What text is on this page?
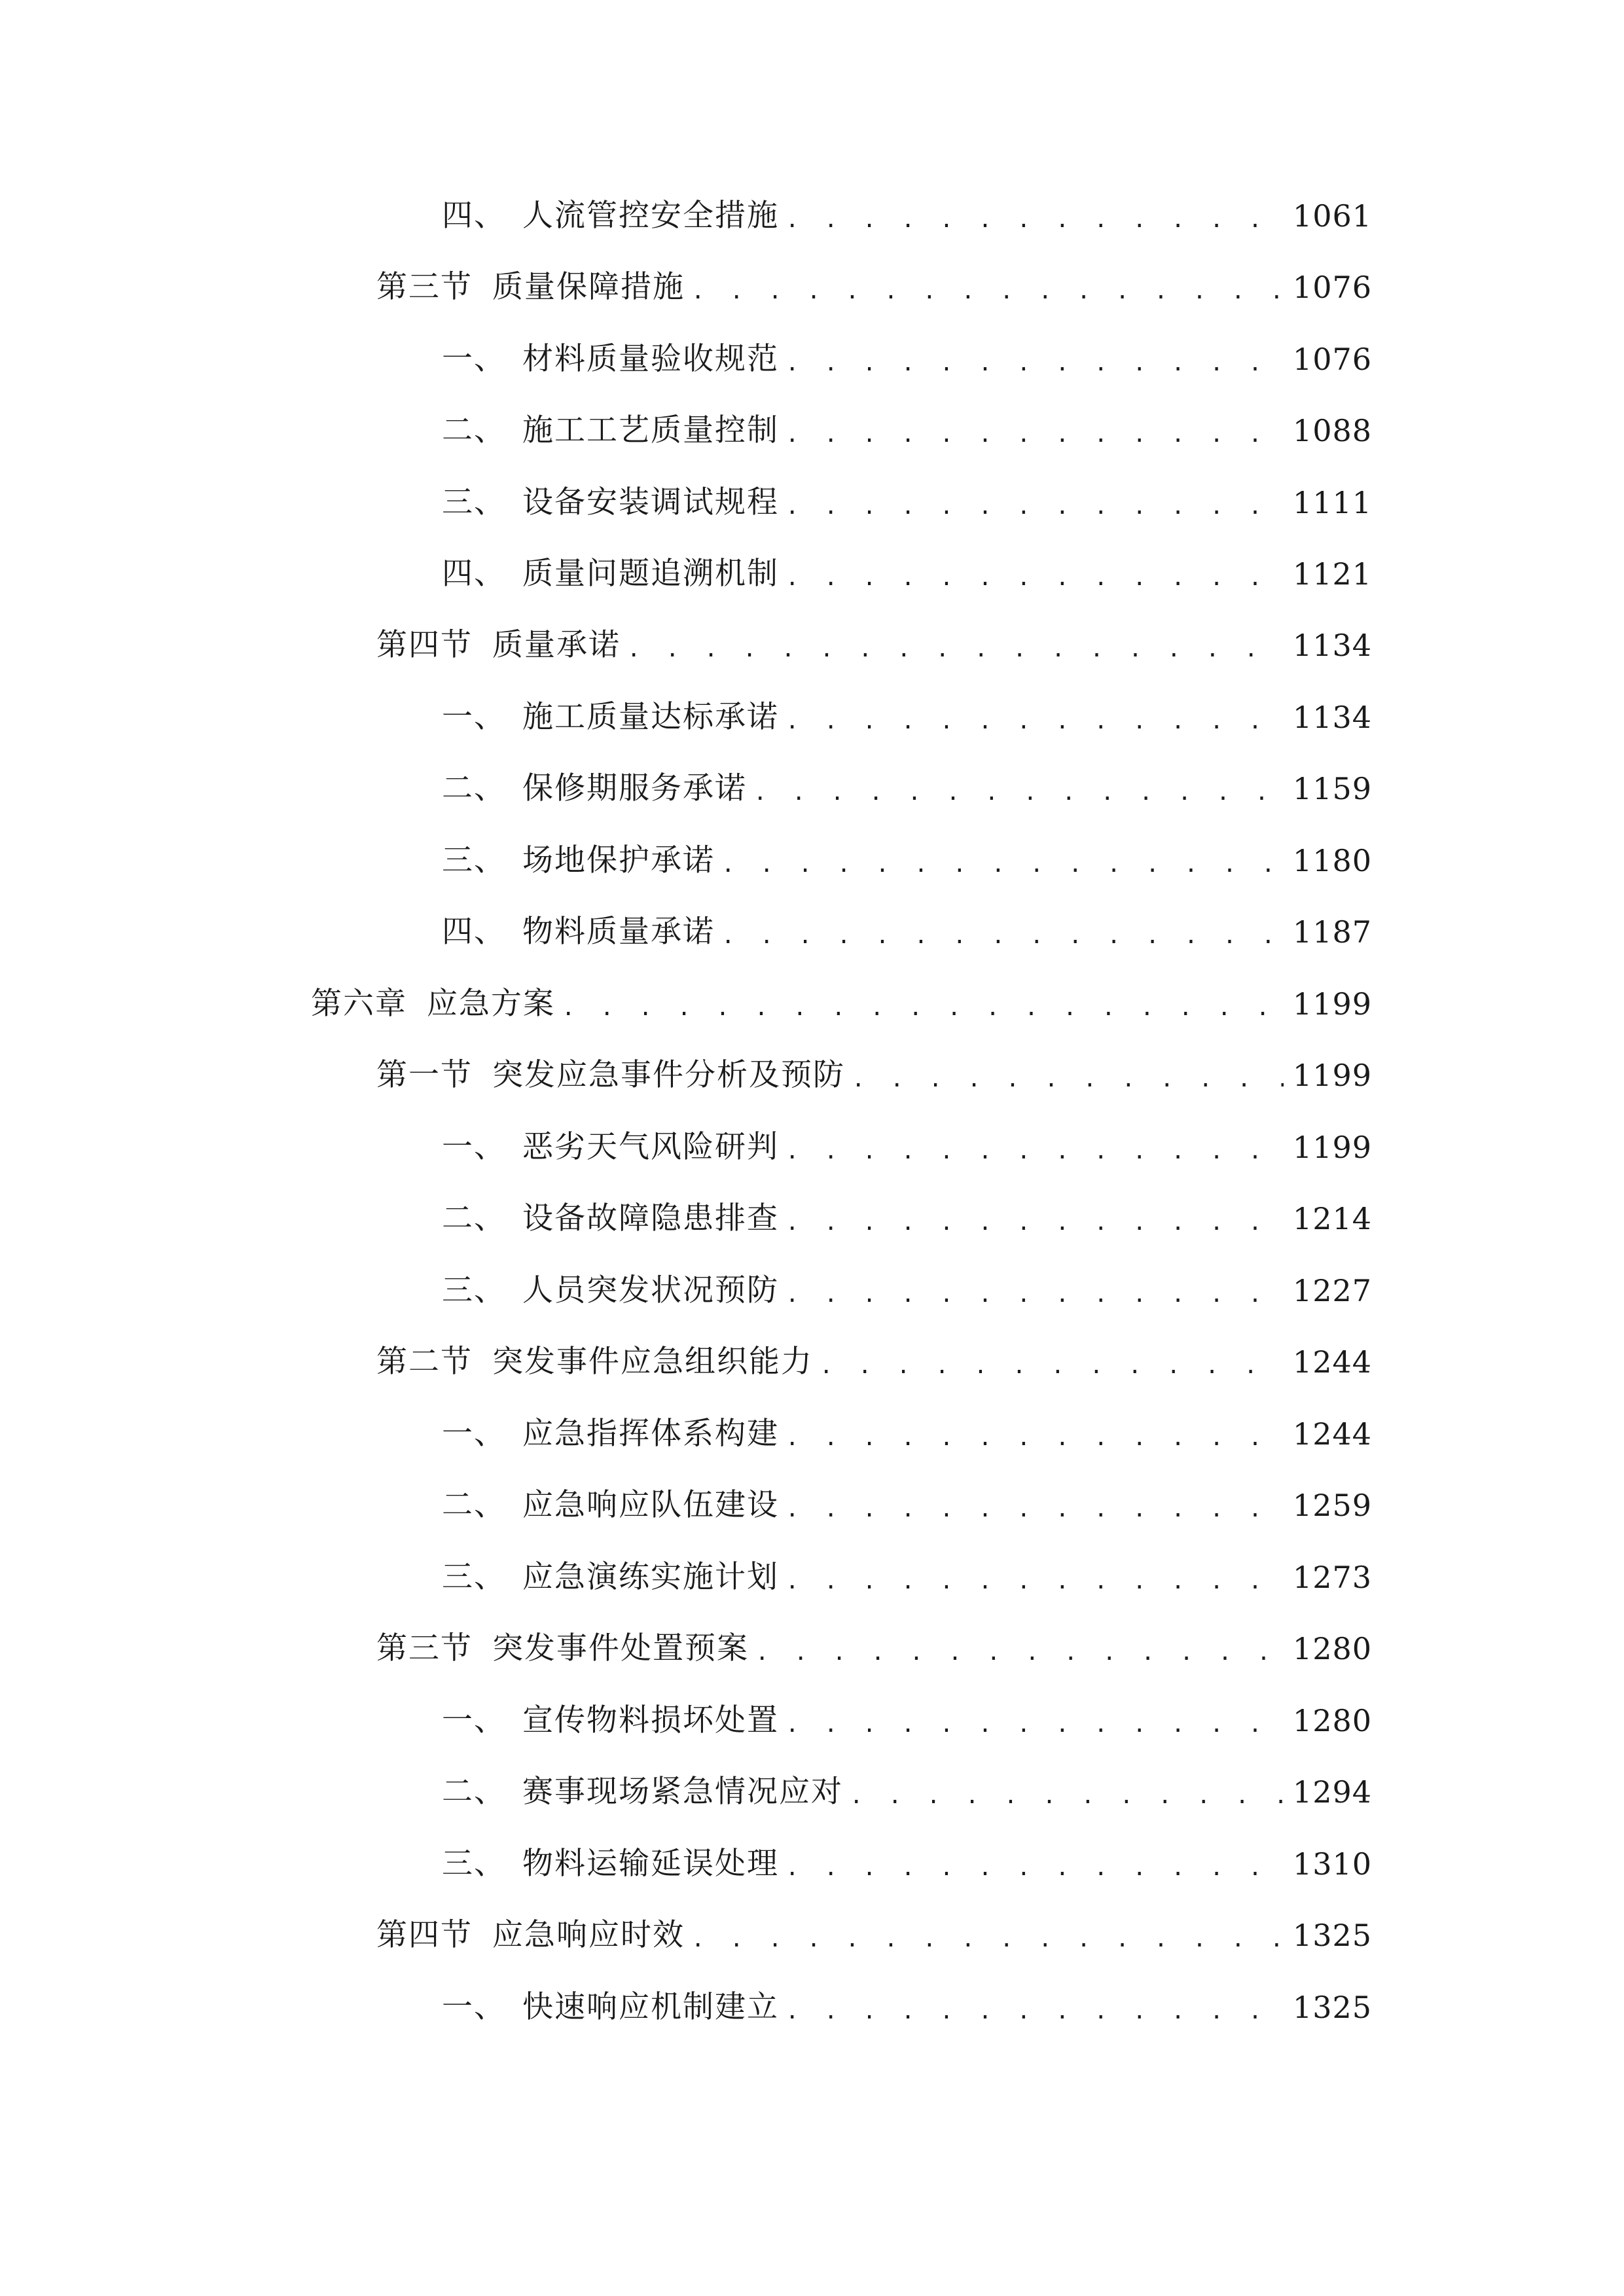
四、 人流管控安全措施 . . .	1061
第三节 质量保障措施 . . .	1076
一、 材料质量验收规范 . . .	1076
二、 施工工艺质量控制 . . .	1088
三、 设备安装调试规程 . . .	1111
四、 质量问题追溯机制 . . .	1121
第四节 质量承诺 . . .	1134
一、 施工质量达标承诺 . . .	1134
二、 保修期服务承诺 . . .	1159
三、 场地保护承诺 . . .	1180
四、 物料质量承诺 . . .	1187
第六章 应急方案 . . .	1199
第一节 突发应急事件分析及预防 . . .	1199
一、 恶劣天气风险研判 . . .	1199
二、 设备故障隐患排查 . . .	1214
三、 人员突发状况预防 . . .	1227
第二节 突发事件应急组织能力 . . .	1244
一、 应急指挥体系构建 . . .	1244
二、 应急响应队伍建设 . . .	1259
三、 应急演练实施计划 . . .	1273
第三节 突发事件处置预案 . . .	1280
一、 宣传物料损坏处置 . . .	1280
二、 赛事现场紧急情况应对 . . .	1294
三、 物料运输延误处理 . . .	1310
第四节 应急响应时效 . . .	1325
一、 快速响应机制建立 . . .	1325
